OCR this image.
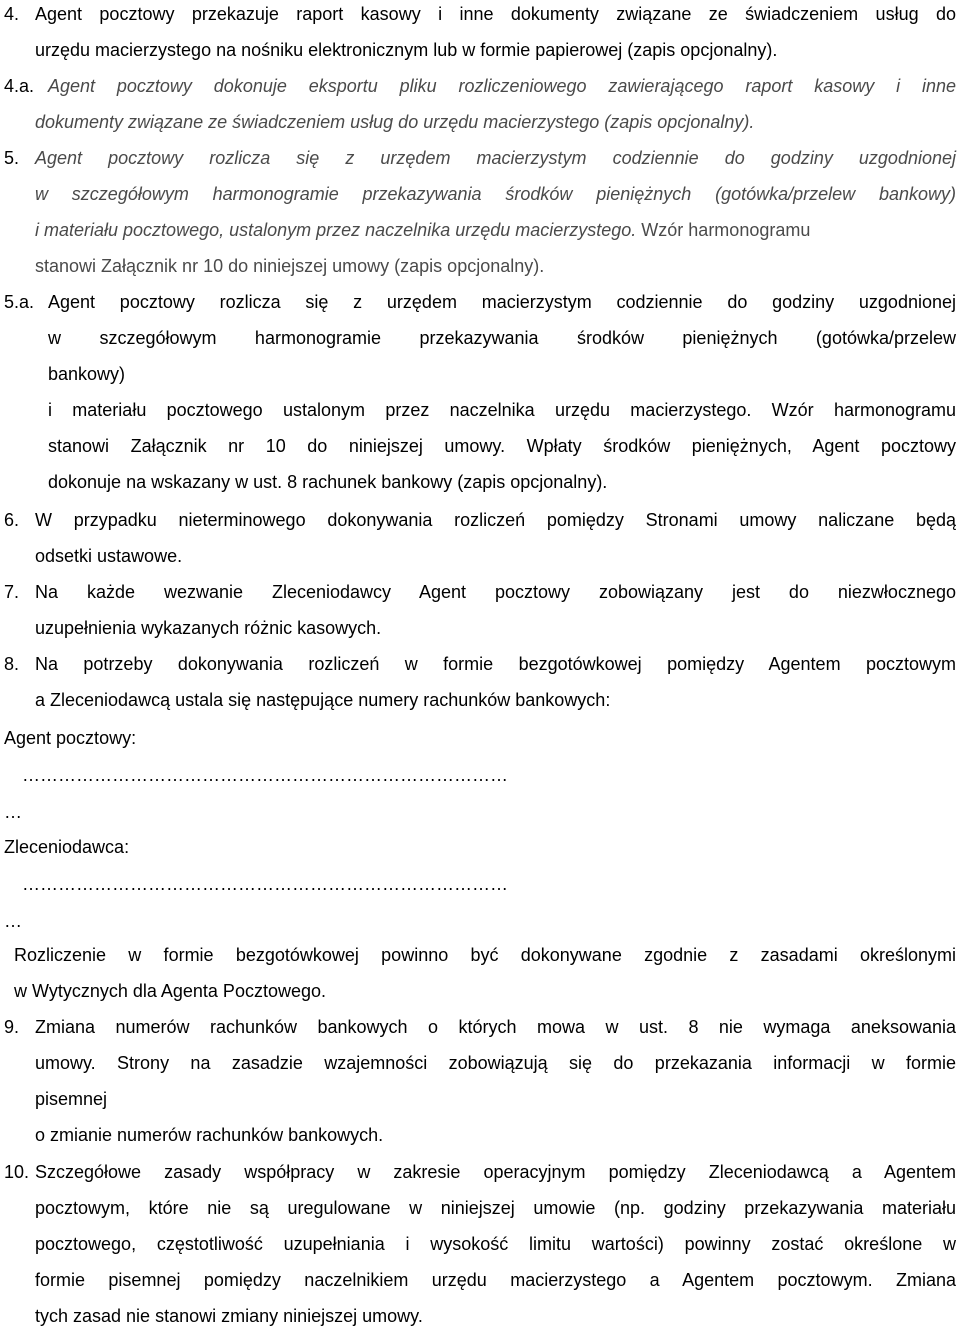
4. Agent pocztowy przekazuje raport kasowy i inne dokumenty związane ze świadczeniem usług do
urzędu macierzystego na nośniku elektronicznym lub w formie papierowej (zapis opcjonalny).
4.a. Agent pocztowy dokonuje eksportu pliku rozliczeniowego zawierającego raport kasowy i inne
dokumenty związane ze świadczeniem usług do urzędu macierzystego (zapis opcjonalny).
5. Agent pocztowy rozlicza się z urzędem macierzystym codziennie do godziny uzgodnionej
w szczegółowym harmonogramie przekazywania środków pieniężnych (gotówka/przelew bankowy)
i materiału pocztowego, ustalonym przez naczelnika urzędu macierzystego. Wzór harmonogramu
stanowi Załącznik nr 10 do niniejszej umowy (zapis opcjonalny).
5.a. Agent pocztowy rozlicza się z urzędem macierzystym codziennie do godziny uzgodnionej
w szczegółowym harmonogramie przekazywania środków pieniężnych (gotówka/przelew
bankowy)
i materiału pocztowego ustalonym przez naczelnika urzędu macierzystego. Wzór harmonogramu
stanowi Załącznik nr 10 do niniejszej umowy. Wpłaty środków pieniężnych, Agent pocztowy
dokonuje na wskazany w ust. 8 rachunek bankowy (zapis opcjonalny).
6. W przypadku nieterminowego dokonywania rozliczeń pomiędzy Stronami umowy naliczane będą
odsetki ustawowe.
7. Na każde wezwanie Zleceniodawcy Agent pocztowy zobowiązany jest do niezwłocznego
uzupełnienia wykazanych różnic kasowych.
8. Na potrzeby dokonywania rozliczeń w formie bezgotówkowej pomiędzy Agentem pocztowym
a Zleceniodawcą ustala się następujące numery rachunków bankowych:
Agent pocztowy:
………………………………………………………………………
…
Zleceniodawca:
………………………………………………………………………
…
Rozliczenie w formie bezgotówkowej powinno być dokonywane zgodnie z zasadami określonymi
w Wytycznych dla Agenta Pocztowego.
9. Zmiana numerów rachunków bankowych o których mowa w ust. 8 nie wymaga aneksowania
umowy. Strony na zasadzie wzajemności zobowiązują się do przekazania informacji w formie
pisemnej
o zmianie numerów rachunków bankowych.
10. Szczegółowe zasady współpracy w zakresie operacyjnym pomiędzy Zleceniodawcą a Agentem
pocztowym, które nie są uregulowane w niniejszej umowie (np. godziny przekazywania materiału
pocztowego, częstotliwość uzupełniania i wysokość limitu wartości) powinny zostać określone w
formie pisemnej pomiędzy naczelnikiem urzędu macierzystego a Agentem pocztowym. Zmiana
tych zasad nie stanowi zmiany niniejszej umowy.
